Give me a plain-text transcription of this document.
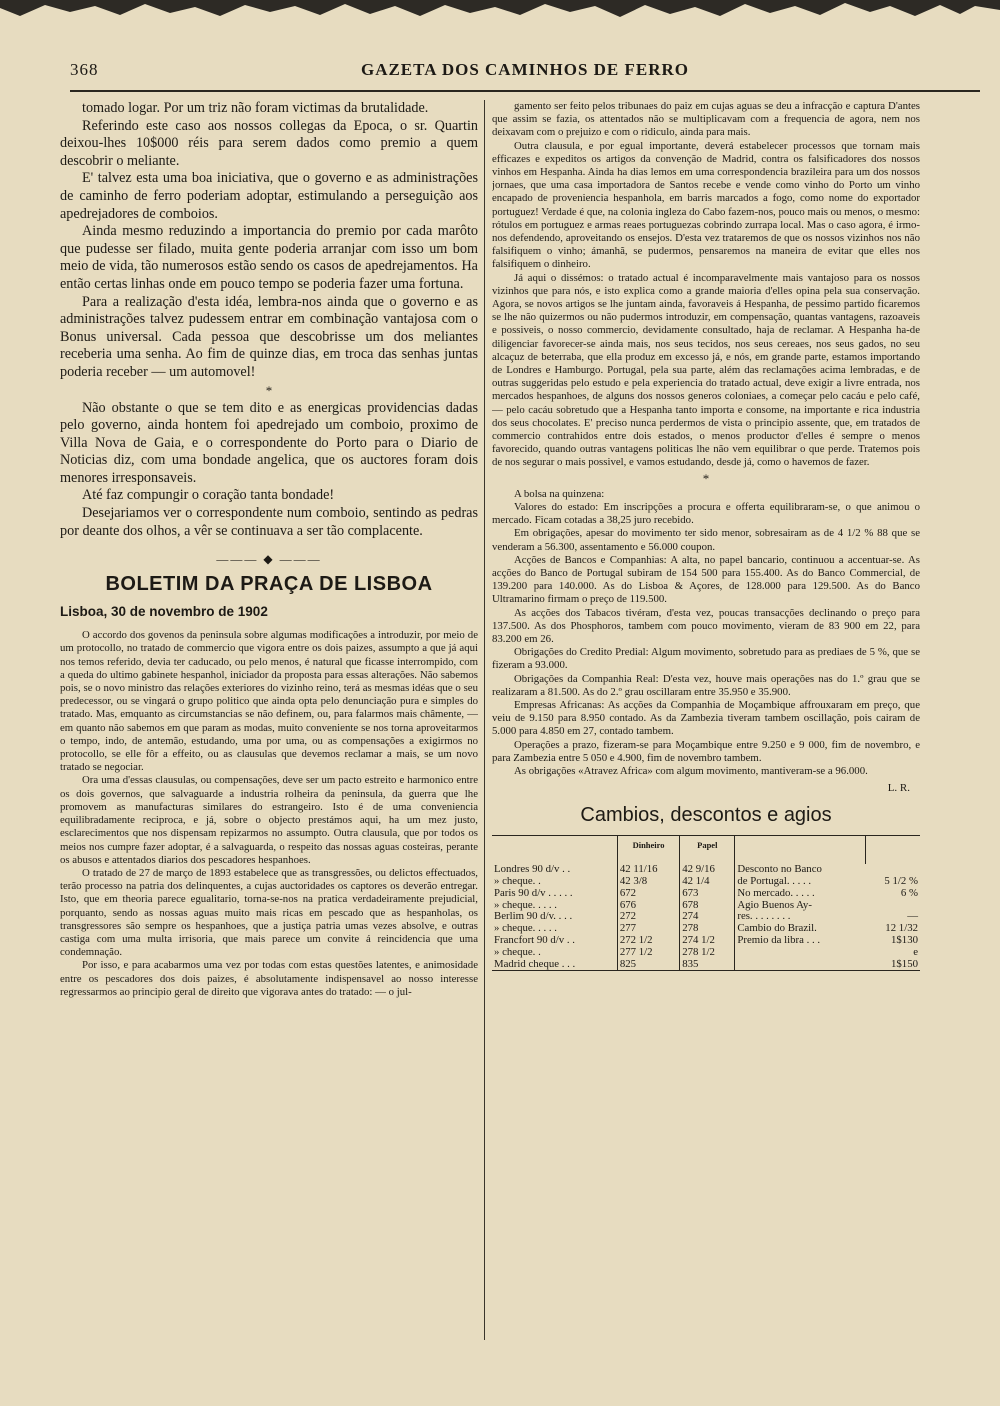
368	GAZETA DOS CAMINHOS DE FERRO

tomado logar. Por um triz não foram victimas da brutalidade.

Referindo este caso aos nossos collegas da Epoca, o sr. Quartin deixou-lhes 10$000 réis para serem dados como premio a quem descobrir o meliante.

E' talvez esta uma boa iniciativa, que o governo e as administrações de caminho de ferro poderiam adoptar, estimulando a perseguição aos apedrejadores de comboios.

Ainda mesmo reduzindo a importancia do premio por cada marôto que pudesse ser filado, muita gente poderia arranjar com isso um bom meio de vida, tão numerosos estão sendo os casos de apedrejamentos. Ha então certas linhas onde em pouco tempo se poderia fazer uma fortuna.

Para a realização d'esta idéa, lembra-nos ainda que o governo e as administrações talvez pudessem entrar em combinação vantajosa com o Bonus universal. Cada pessoa que descobrisse um dos meliantes receberia uma senha. Ao fim de quinze dias, em troca das senhas juntas poderia receber — um automovel!

*

Não obstante o que se tem dito e as energicas providencias dadas pelo governo, ainda hontem foi apedrejado um comboio, proximo de Villa Nova de Gaia, e o correspondente do Porto para o Diario de Noticias diz, com uma bondade angelica, que os auctores foram dois menores irresponsaveis.

Até faz compungir o coração tanta bondade!

Desejariamos ver o correspondente num comboio, sentindo as pedras por deante dos olhos, a vêr se continuava a ser tão complacente.

——— ◆ ———
BOLETIM DA PRAÇA DE LISBOA
Lisboa, 30 de novembro de 1902

O accordo dos govenos da peninsula sobre algumas modificações a introduzir, por meio de um protocollo, no tratado de commercio que vigora entre os dois paizes, assumpto a que já aqui nos temos referido, devia ter caducado, ou pelo menos, é natural que ficasse interrompido, com a queda do ultimo gabinete hespanhol, iniciador da proposta para essas alterações. Não sabemos pois, se o novo ministro das relações exteriores do vizinho reino, terá as mesmas idéas que o seu predecessor, ou se vingará o grupo politico que ainda opta pelo denunciação pura e simples do tratado. Mas, emquanto as circumstancias se não definem, ou, para falarmos mais châmente, — em quanto não sabemos em que param as modas, muito conveniente se nos torna aproveitarmos o tempo, indo, de antemão, estudando, uma por uma, ou as compensações a exigirmos no protocollo, se elle fôr a effeito, ou as clausulas que devemos reclamar a mais, se um novo tratado se negociar.

Ora uma d'essas clausulas, ou compensações, deve ser um pacto estreito e harmonico entre os dois governos, que salvaguarde a industria rolheira da peninsula, da guerra que lhe promovem as manufacturas similares do estrangeiro. Isto é de uma conveniencia equilibradamente reciproca, e já, sobre o objecto prestámos aqui, ha um mez justo, esclarecimentos que nos dispensam repizarmos no assumpto. Outra clausula, que por todos os meios nos cumpre fazer adoptar, é a salvaguarda, o respeito das nossas aguas costeiras, perante os abusos e attentados diarios dos pescadores hespanhoes.

O tratado de 27 de março de 1893 estabelece que as transgressões, ou delictos effectuados, terão processo na patria dos delinquentes, a cujas auctoridades os captores os deverão entregar. Isto, que em theoria parece egualitario, torna-se-nos na pratica verdadeiramente prejudicial, porquanto, sendo as nossas aguas muito mais ricas em pescado que as hespanholas, os transgressores são sempre os hespanhoes, que a justiça patria umas vezes absolve, e outras castiga com uma multa irrisoria, que mais parece um convite á reincidencia que uma condemnação.

Por isso, e para acabarmos uma vez por todas com estas questões latentes, e animosidade entre os pescadores dos dois paizes, é absolutamente indispensavel ao nosso interesse regressarmos ao principio geral de direito que vigorava antes do tratado: — o jul-

gamento ser feito pelos tribunaes do paiz em cujas aguas se deu a infracção e captura D'antes que assim se fazia, os attentados não se multiplicavam com a frequencia de agora, nem nos deixavam com o prejuizo e com o ridiculo, ainda para mais.

Outra clausula, e por egual importante, deverá estabelecer processos que tornam mais efficazes e expeditos os artigos da convenção de Madrid, contra os falsificadores dos nossos vinhos em Hespanha. Ainda ha dias lemos em uma correspondencia brazileira para um dos nossos jornaes, que uma casa importadora de Santos recebe e vende como vinho do Porto um vinho encapado de proveniencia hespanhola, em barris marcados a fogo, como nome do exportador portuguez! Verdade é que, na colonia ingleza do Cabo fazem-nos, pouco mais ou menos, o mesmo: rótulos em portuguez e armas reaes portuguezas cobrindo zurrapa local. Mas o caso agora, é irmo-nos defendendo, aproveitando os ensejos. D'esta vez trataremos de que os nossos vizinhos nos não falsifiquem o vinho; ámanhã, se pudermos, pensaremos na maneira de evitar que elles nos falsifiquem o dinheiro.

Já aqui o dissémos: o tratado actual é incomparavelmente mais vantajoso para os nossos vizinhos que para nós, e isto explica como a grande maioria d'elles opina pela sua conservação. Agora, se novos artigos se lhe juntam ainda, favoraveis á Hespanha, de pessimo partido ficaremos se lhe não quizermos ou não pudermos introduzir, em compensação, quantas vantagens, razoaveis e possiveis, o nosso commercio, devidamente consultado, haja de reclamar. A Hespanha ha-de diligenciar favorecer-se ainda mais, nos seus tecidos, nos seus cereaes, nos seus gados, no seu alcaçuz de beterraba, que ella produz em excesso já, e nós, em grande parte, estamos importando de Londres e Hamburgo. Portugal, pela sua parte, além das reclamações acima lembradas, e de outras suggeridas pelo estudo e pela experiencia do tratado actual, deve exigir a livre entrada, nos mercados hespanhoes, de alguns dos nossos generos coloniaes, a começar pelo cacáu e pelo café, — pelo cacáu sobretudo que a Hespanha tanto importa e consome, na importante e rica industria dos seus chocolates. E' preciso nunca perdermos de vista o principio assente, que, em tratados de commercio contrahidos entre dois estados, o menos productor d'elles é sempre o menos favorecido, quando outras vantagens politicas lhe não vem equilibrar o que perde. Tratemos pois de nos segurar o mais possivel, e vamos estudando, desde já, como o havemos de fazer.

*

A bolsa na quinzena:

Valores do estado: Em inscripções a procura e offerta equilibraram-se, o que animou o mercado. Ficam cotadas a 38,25 juro recebido.

Em obrigações, apesar do movimento ter sido menor, sobresairam as de 4 1/2 % 88 que se venderam a 56.300, assentamento e 56.000 coupon.

Acções de Bancos e Companhias: A alta, no papel bancario, continuou a accentuar-se. As acções do Banco de Portugal subiram de 154 500 para 155.400. As do Banco Commercial, de 139.200 para 140.000. As do Lisboa & Açores, de 128.000 para 129.500. As do Banco Ultramarino firmam o preço de 119.500.

As acções dos Tabacos tivéram, d'esta vez, poucas transacções declinando o preço para 137.500. As dos Phosphoros, tambem com pouco movimento, vieram de 83 900 em 22, para 83.200 em 26.

Obrigações do Credito Predial: Algum movimento, sobretudo para as prediaes de 5 %, que se fizeram a 93.000.

Obrigações da Companhia Real: D'esta vez, houve mais operações nas do 1.º grau que se realizaram a 81.500. As do 2.º grau oscillaram entre 35.950 e 35.900.

Empresas Africanas: As acções da Companhia de Moçambique affrouxaram em preço, que veiu de 9.150 para 8.950 contado. As da Zambezia tiveram tambem oscillação, pois cairam de 5.000 para 4.850 em 27, contado tambem.

Operações a prazo, fizeram-se para Moçambique entre 9.250 e 9 000, fim de novembro, e para Zambezia entre 5 050 e 4.900, fim de novembro tambem.

As obrigações «Atravez Africa» com algum movimento, mantiveram-se a 96.000.

L. R.
Cambios, descontos e agios
	Dinheiro	Papel		
Londres 90 d/v . .	42 11/16	42 9/16	Desconto no Banco	
» cheque. .	42 3/8	42 1/4	de Portugal. . . . .	5 1/2 %
Paris 90 d/v . . . . .	672	673	No mercado. . . . .	6 %
» cheque. . . . .	676	678	Agio Buenos Ay-	
Berlim 90 d/v. . . .	272	274	res. . . . . . . .	—
» cheque. . . . .	277	278	Cambio do Brazil.	12 1/32
Francfort 90 d/v . .	272 1/2	274 1/2	Premio da libra . . .	1$130
» cheque. .	277 1/2	278 1/2		e
Madrid cheque . . .	825	835		1$150
